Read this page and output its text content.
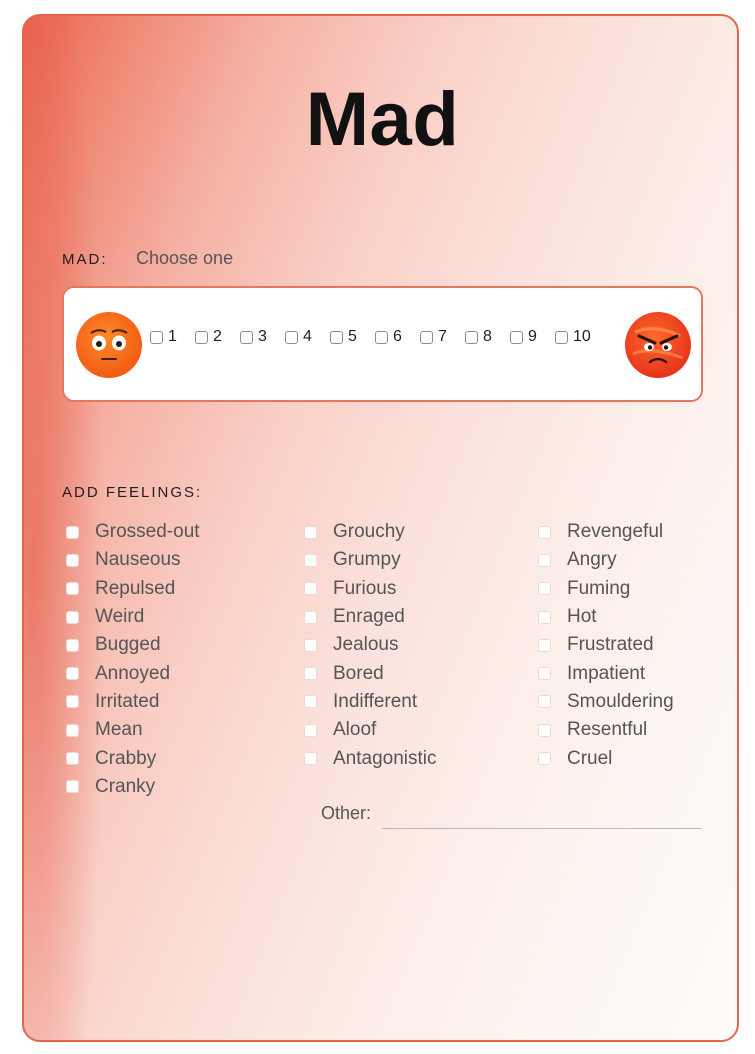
Mad
MAD: Choose one
1 2 3 4 5 6 7 8 9 10
ADD FEELINGS:
Grossed-out
Nauseous
Repulsed
Weird
Bugged
Annoyed
Irritated
Mean
Crabby
Cranky
Grouchy
Grumpy
Furious
Enraged
Jealous
Bored
Indifferent
Aloof
Antagonistic
Revengeful
Angry
Fuming
Hot
Frustrated
Impatient
Smouldering
Resentful
Cruel
Other:
